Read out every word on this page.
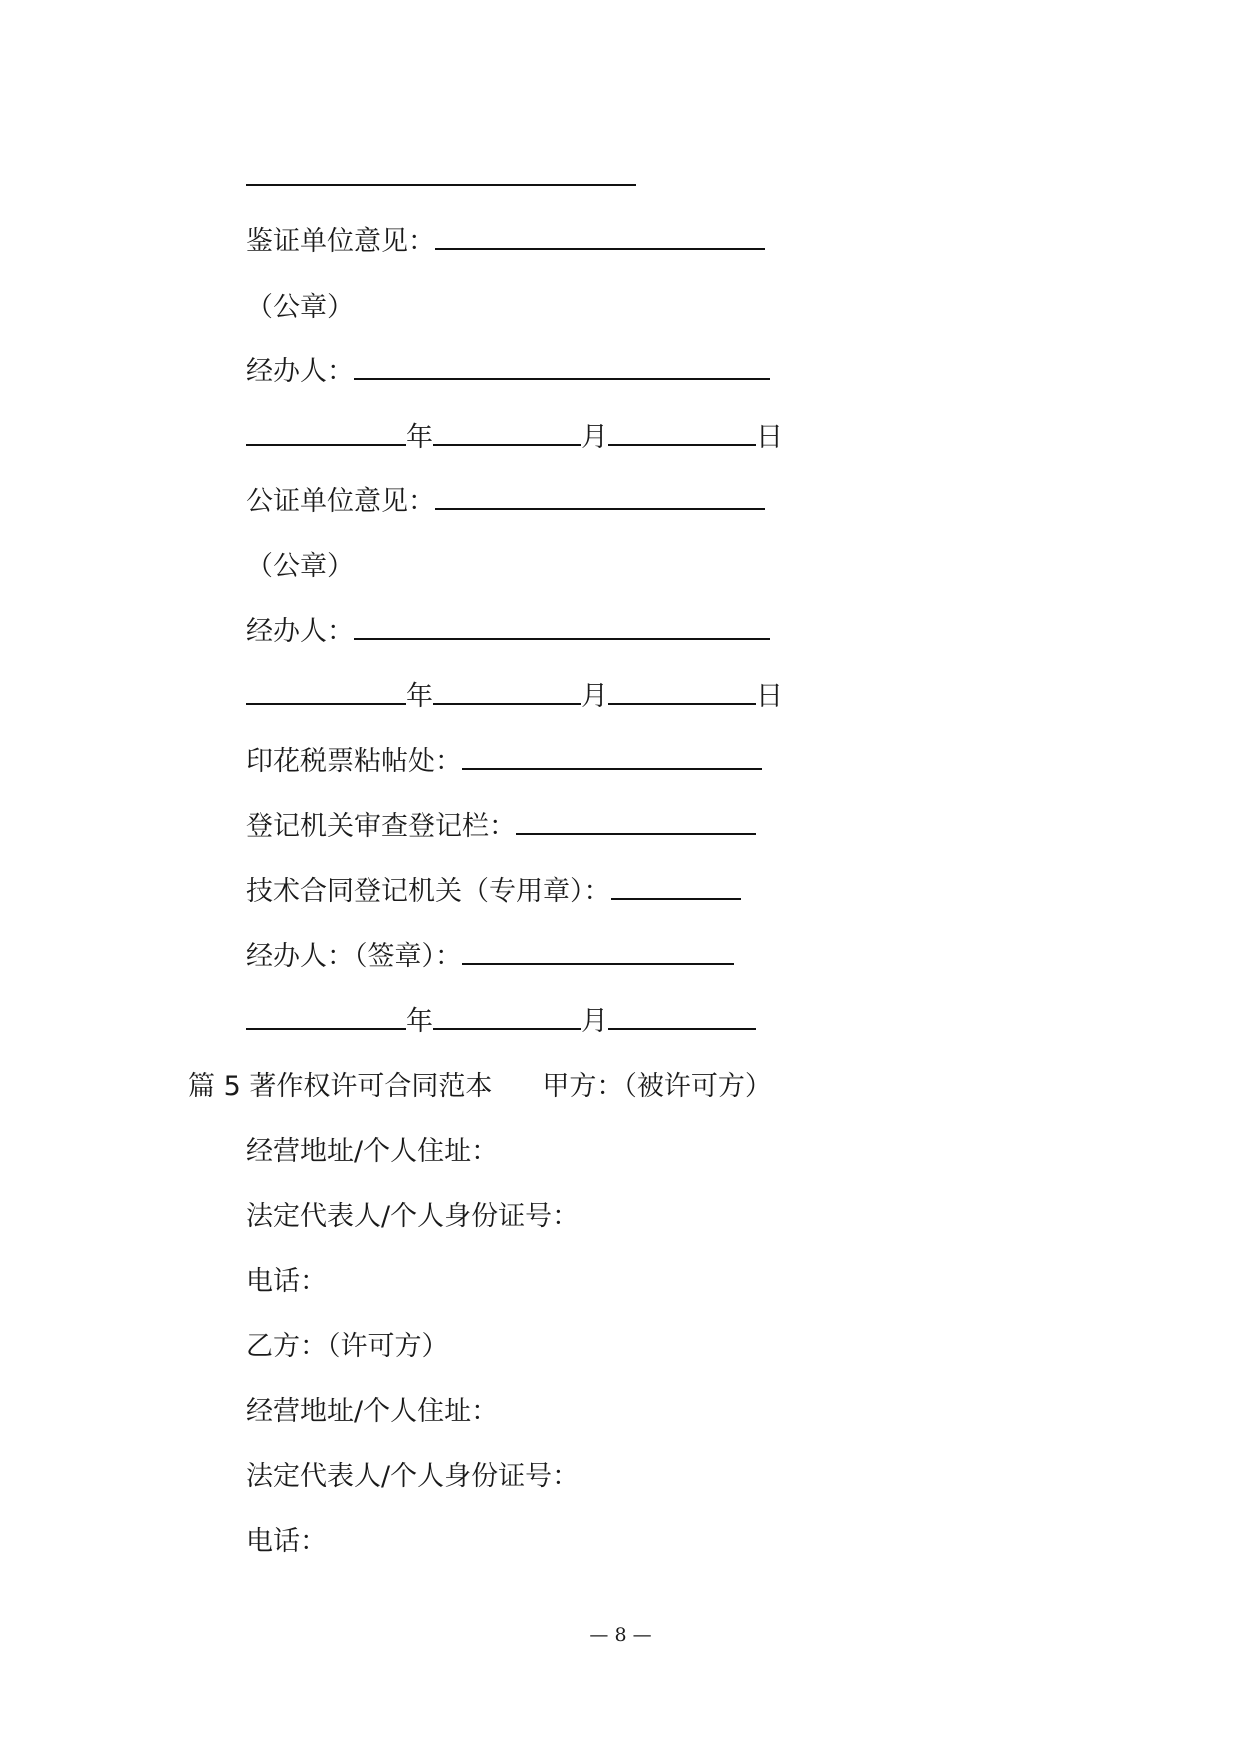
鉴证单位意见：
（公章）
经办人：
年	月	日
公证单位意见：
（公章）
经办人：
年	月	日
印花税票粘帖处：
登记机关审查登记栏：
技术合同登记机关（专用章）：
经办人：（签章）：
年	月
篇 5 著作权许可合同范本 甲方：（被许可方）
经营地址/个人住址：
法定代表人/个人身份证号：
电话：
乙方：（许可方）
经营地址/个人住址：
法定代表人/个人身份证号：
电话：
— 8 —
